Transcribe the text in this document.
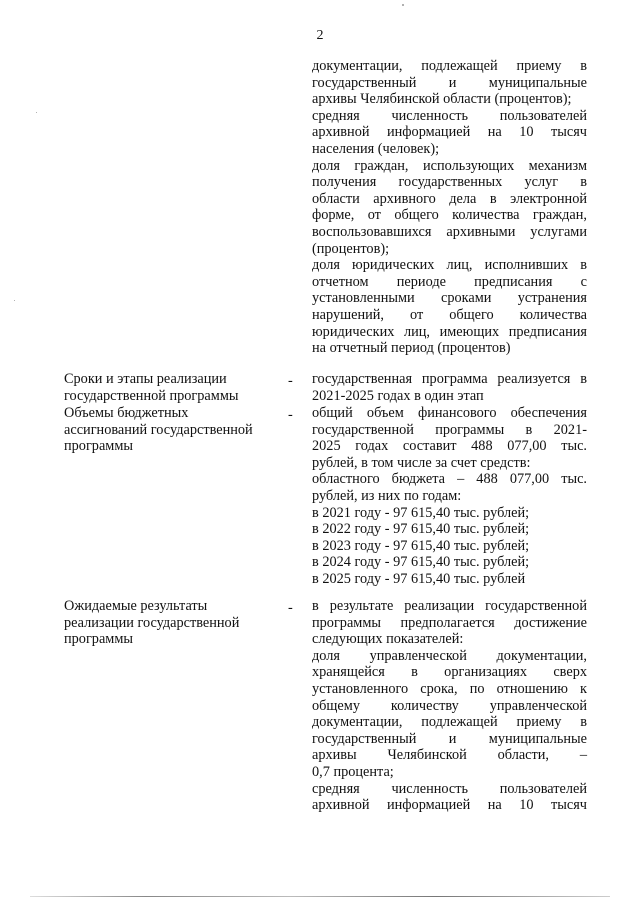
2
документации, подлежащей приему в
государственный и муниципальные
архивы Челябинской области (процентов);
средняя численность пользователей
архивной информацией на 10 тысяч
населения (человек);
доля граждан, использующих механизм
получения государственных услуг в
области архивного дела в электронной
форме, от общего количества граждан,
воспользовавшихся архивными услугами
(процентов);
доля юридических лиц, исполнивших в
отчетном периоде предписания с
установленными сроками устранения
нарушений, от общего количества
юридических лиц, имеющих предписания
на отчетный период (процентов)
Сроки и этапы реализации
государственной программы
- государственная программа реализуется в
2021-2025 годах в один этап
Объемы бюджетных
ассигнований государственной
программы
- общий объем финансового обеспечения
государственной программы в 2021-
2025 годах составит 488 077,00 тыс.
рублей, в том числе за счет средств:
областного бюджета – 488 077,00 тыс.
рублей, из них по годам:
в 2021 году - 97 615,40 тыс. рублей;
в 2022 году - 97 615,40 тыс. рублей;
в 2023 году - 97 615,40 тыс. рублей;
в 2024 году - 97 615,40 тыс. рублей;
в 2025 году - 97 615,40 тыс. рублей
Ожидаемые результаты
реализации государственной
программы
- в результате реализации государственной
программы предполагается достижение
следующих показателей:
доля управленческой документации,
хранящейся в организациях сверх
установленного срока, по отношению к
общему количеству управленческой
документации, подлежащей приему в
государственный и муниципальные
архивы Челябинской области, –
0,7 процента;
средняя численность пользователей
архивной информацией на 10 тысяч
